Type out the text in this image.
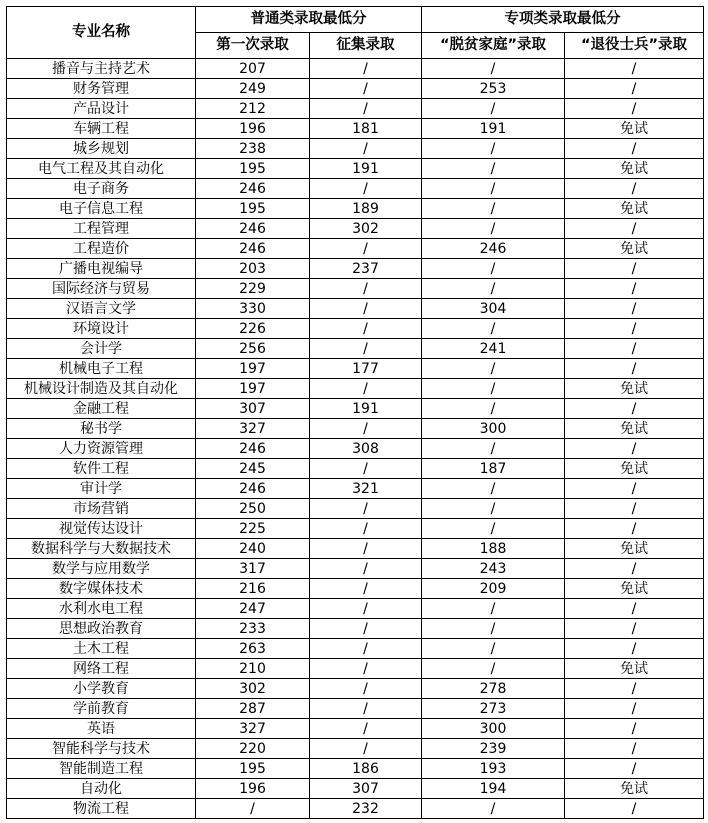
专业名称	普通类录取最低分		专项类录取最低分	
	第一次录取	征集录取	“脱贫家庭”录取	“退役士兵”录取
播音与主持艺术	207	/	/	/
财务管理	249	/	253	/
产品设计	212	/	/	/
车辆工程	196	181	191	免试
城乡规划	238	/	/	/
电气工程及其自动化	195	191	/	免试
电子商务	246	/	/	/
电子信息工程	195	189	/	免试
工程管理	246	302	/	/
工程造价	246	/	246	免试
广播电视编导	203	237	/	/
国际经济与贸易	229	/	/	/
汉语言文学	330	/	304	/
环境设计	226	/	/	/
会计学	256	/	241	/
机械电子工程	197	177	/	/
机械设计制造及其自动化	197	/	/	免试
金融工程	307	191	/	/
秘书学	327	/	300	免试
人力资源管理	246	308	/	/
软件工程	245	/	187	免试
审计学	246	321	/	/
市场营销	250	/	/	/
视觉传达设计	225	/	/	/
数据科学与大数据技术	240	/	188	免试
数学与应用数学	317	/	243	/
数字媒体技术	216	/	209	免试
水利水电工程	247	/	/	/
思想政治教育	233	/	/	/
土木工程	263	/	/	/
网络工程	210	/	/	免试
小学教育	302	/	278	/
学前教育	287	/	273	/
英语	327	/	300	/
智能科学与技术	220	/	239	/
智能制造工程	195	186	193	/
自动化	196	307	194	免试
物流工程	/	232	/	/
